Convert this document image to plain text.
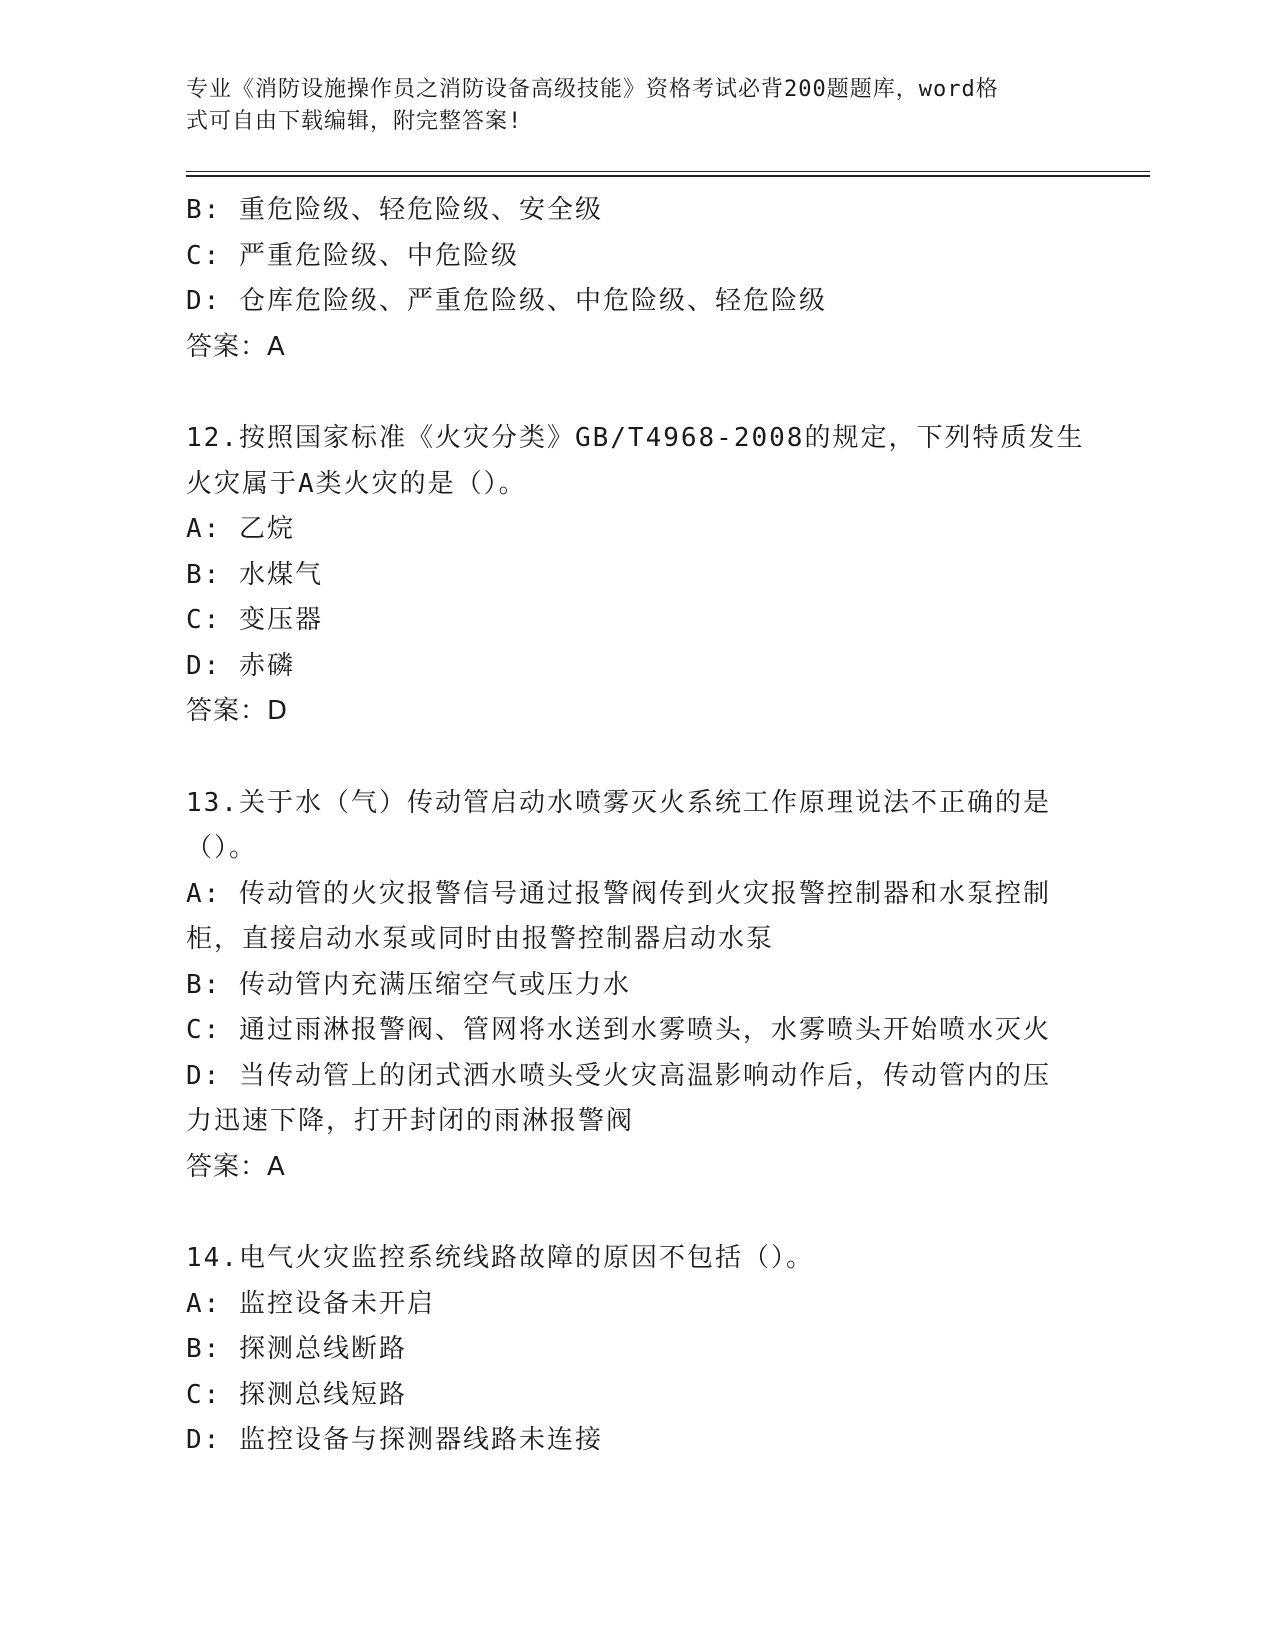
专业《消防设施操作员之消防设备高级技能》资格考试必背200题题库，word格
式可自由下载编辑，附完整答案!
B: 重危险级、轻危险级、安全级
C: 严重危险级、中危险级
D: 仓库危险级、严重危险级、中危险级、轻危险级
答案：A
12.按照国家标准《火灾分类》GB/T4968-2008的规定，下列特质发生
火灾属于A类火灾的是（）。
A: 乙烷
B: 水煤气
C: 变压器
D: 赤磷
答案：D
13.关于水（气）传动管启动水喷雾灭火系统工作原理说法不正确的是
（）。
A: 传动管的火灾报警信号通过报警阀传到火灾报警控制器和水泵控制
柜，直接启动水泵或同时由报警控制器启动水泵
B: 传动管内充满压缩空气或压力水
C: 通过雨淋报警阀、管网将水送到水雾喷头，水雾喷头开始喷水灭火
D: 当传动管上的闭式洒水喷头受火灾高温影响动作后，传动管内的压
力迅速下降，打开封闭的雨淋报警阀
答案：A
14.电气火灾监控系统线路故障的原因不包括（）。
A: 监控设备未开启
B: 探测总线断路
C: 探测总线短路
D: 监控设备与探测器线路未连接
